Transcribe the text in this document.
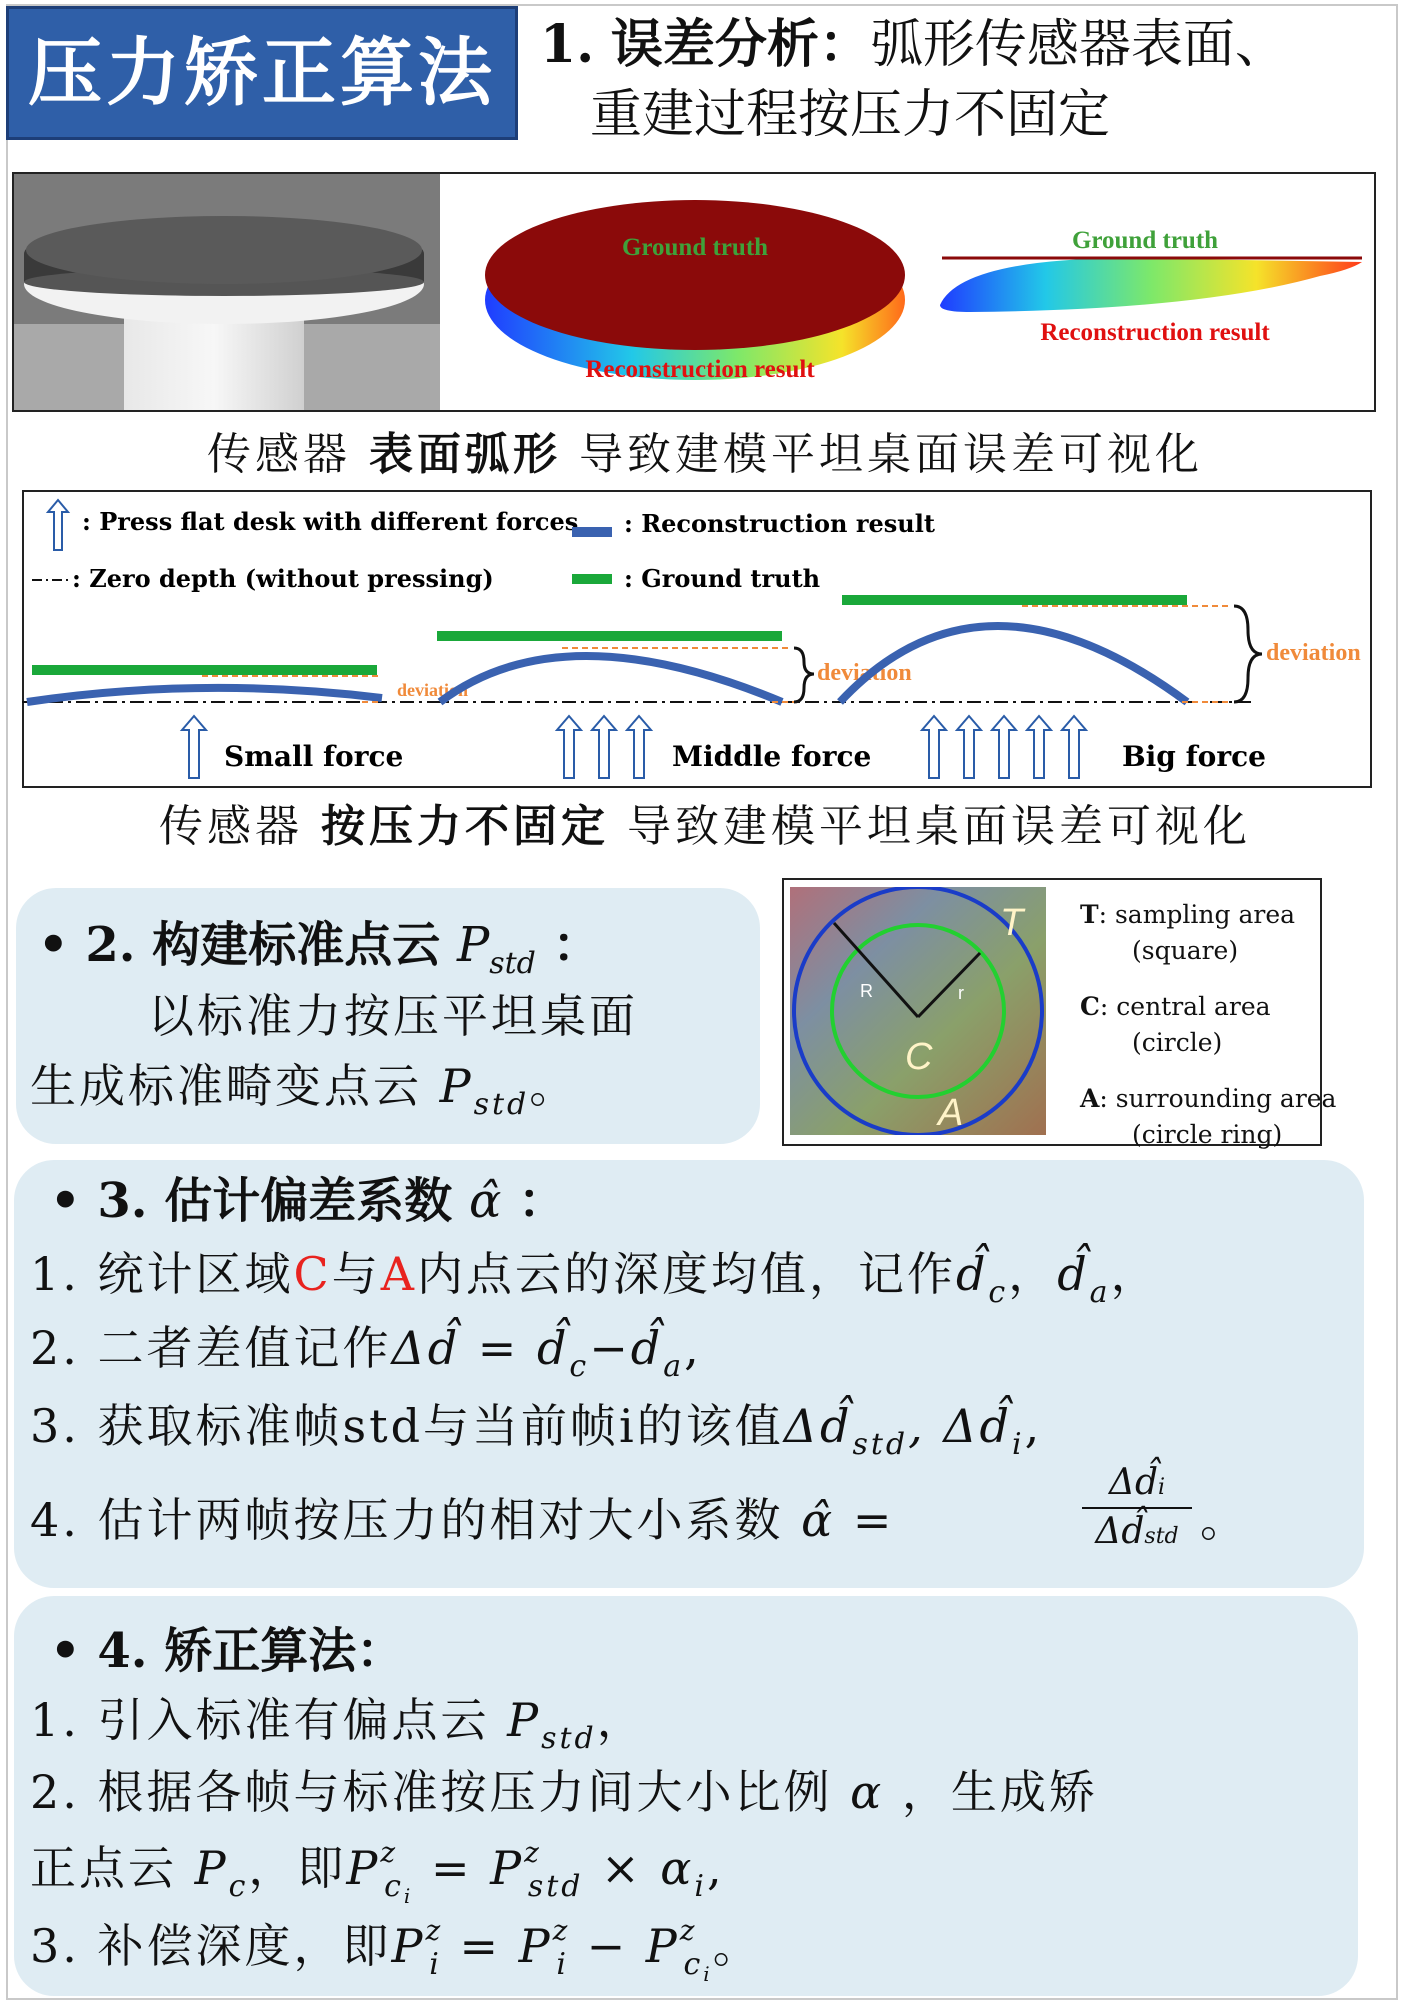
压力矫正算法 1. 误差分析：弧形传感器表面、
重建过程按压力不固定
Ground truth
Reconstruction result
Ground truth
Reconstruction result
传感器 表面弧形 导致建模平坦桌面误差可视化
: Press flat desk with different forces
: Zero depth (without pressing)
: Reconstruction result
: Ground truth
deviation
deviation
deviation
Small force	Middle force	Big force
传感器 按压力不固定 导致建模平坦桌面误差可视化
• 2. 构建标准点云 $P_{std}$ ：
以标准力按压平坦桌面
生成标准畸变点云 $P_{std}$。
T
C
A
R	r
T: sampling area
(square)
C: central area
(circle)
A: surrounding area
(circle ring)
• 3. 估计偏差系数 α̂ ：
1. 统计区域C与A内点云的深度均值，记作$d̂_c$，$d̂_a$，
2. 二者差值记作Δd̂ = $d̂_c-d̂_a$,
3. 获取标准帧std与当前帧i的该值$\Delta d̂_{std}$, $\Delta d̂_i$,
4. 估计两帧按压力的相对大小系数 α̂ =
Δd̂i
Δd̂std 。
• 4. 矫正算法：
1. 引入标准有偏点云 $P_{std}$，
2. 根据各帧与标准按压力间大小比例 α ，生成矫
正点云 $P_c$，即$P^z_{c_i} = P^z_{std} \times \alpha_i$,
3. 补偿深度，即$P^z_i = P^z_i - P^z_{c_i}$。
